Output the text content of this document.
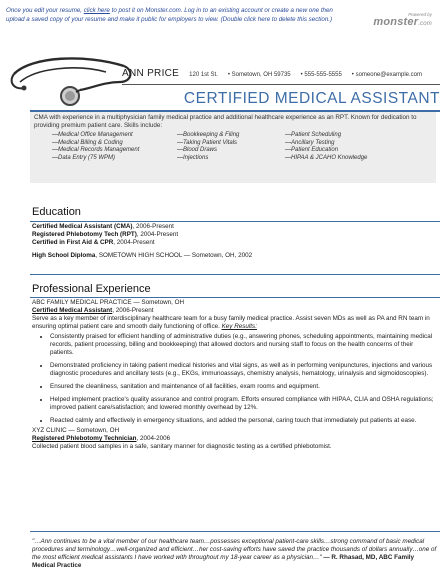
Once you edit your resume, click here to post it on Monster.com. Log in to an existing account or create a new one then
upload a saved copy of your resume and make it public for employers to view. (Double click here to delete this section.)
Powered by
monster.com
ANN PRICE 120 1st St. • Sometown, OH 59735 • 555-555-5555 • someone@example.com
CERTIFIED MEDICAL ASSISTANT
CMA with experience in a multiphysician family medical practice and additional healthcare experience as an RPT. Known for dedication to providing premium patient care. Skills include:
—Medical Office Management	—Bookkeeping & Filing	—Patient Scheduling
—Medical Billing & Coding	—Taking Patient Vitals	—Ancillary Testing
—Medical Records Management	—Blood Draws	—Patient Education
—Data Entry (75 WPM)	—Injections	—HIPAA & JCAHO Knowledge
Education
Certified Medical Assistant (CMA), 2006-Present
Registered Phlebotomy Tech (RPT), 2004-Present
Certified in First Aid & CPR, 2004-Present
High School Diploma, SOMETOWN HIGH SCHOOL — Sometown, OH, 2002
Professional Experience
ABC FAMILY MEDICAL PRACTICE — Sometown, OH
Certified Medical Assistant, 2006-Present
Serve as a key member of interdisciplinary healthcare team for a busy family medical practice. Assist seven MDs as well as PA and RN team in ensuring optimal patient care and smooth daily functioning of office. Key Results:
• Consistently praised for efficient handling of administrative duties (e.g., answering phones, scheduling appointments, maintaining medical records, patient processing, billing and bookkeeping) that allowed doctors and nursing staff to focus on the health concerns of their patients.
• Demonstrated proficiency in taking patient medical histories and vital signs, as well as in performing venipunctures, injections and various diagnostic procedures and ancillary tests (e.g., EKGs, immunoassays, chemistry analysis, hematology, urinalysis and sigmoidoscopies).
• Ensured the cleanliness, sanitation and maintenance of all facilities, exam rooms and equipment.
• Helped implement practice's quality assurance and control program. Efforts ensured compliance with HIPAA, CLIA and OSHA regulations; improved patient care/satisfaction; and lowered monthly overhead by 12%.
• Reacted calmly and effectively in emergency situations, and added the personal, caring touch that immediately put patients at ease.
XYZ CLINIC — Sometown, OH
Registered Phlebotomy Technician, 2004-2006
Collected patient blood samples in a safe, sanitary manner for diagnostic testing as a certified phlebotomist.
"…Ann continues to be a vital member of our healthcare team…possesses exceptional patient-care skills…strong command of basic medical procedures and terminology…well-organized and efficient…her cost-saving efforts have saved the practice thousands of dollars annually…one of the most efficient medical assistants I have worked with throughout my 18-year career as a physician…" — R. Rhasad, MD, ABC Family Medical Practice
